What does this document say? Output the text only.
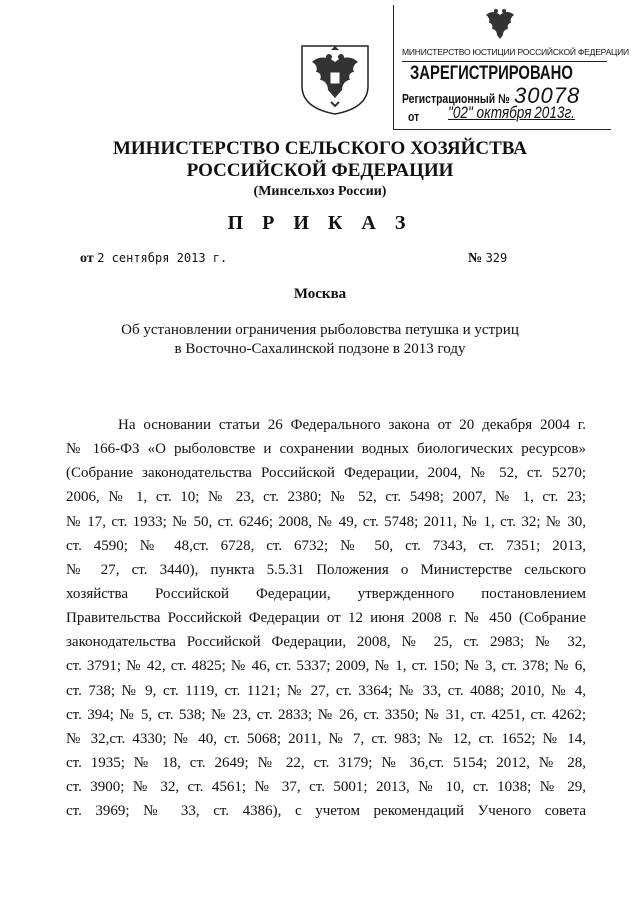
МИНИСТЕРСТВО ЮСТИЦИИ РОССИЙСКОЙ ФЕДЕРАЦИИ
ЗАРЕГИСТРИРОВАНО
Регистрационный № 30078
от "02" октября  2013г.
МИНИСТЕРСТВО СЕЛЬСКОГО ХОЗЯЙСТВА
РОССИЙСКОЙ ФЕДЕРАЦИИ
(Минсельхоз России)
П Р И К А З
от 2 сентября 2013 г.	№ 329
Москва
Об установлении ограничения рыболовства петушка и устриц
в Восточно-Сахалинской подзоне в 2013 году
На основании статьи 26 Федерального закона от 20 декабря 2004 г.
№ 166-ФЗ «О рыболовстве и сохранении водных биологических ресурсов»
(Собрание законодательства Российской Федерации, 2004, № 52, ст. 5270;
2006, № 1, ст. 10; № 23, ст. 2380; № 52, ст. 5498; 2007, № 1, ст. 23;
№ 17, ст. 1933; № 50, ст. 6246; 2008, № 49, ст. 5748; 2011, № 1, ст. 32; № 30,
ст. 4590; № 48,ст. 6728, ст. 6732; № 50, ст. 7343, ст. 7351; 2013,
№ 27, ст. 3440), пункта 5.5.31 Положения о Министерстве сельского
хозяйства Российской Федерации, утвержденного постановлением
Правительства Российской Федерации от 12 июня 2008 г. № 450 (Собрание
законодательства Российской Федерации, 2008, № 25, ст. 2983; № 32,
ст. 3791; № 42, ст. 4825; № 46, ст. 5337; 2009, № 1, ст. 150; № 3, ст. 378; № 6,
ст. 738; № 9, ст. 1119, ст. 1121; № 27, ст. 3364; № 33, ст. 4088; 2010, № 4,
ст. 394; № 5, ст. 538; № 23, ст. 2833; № 26, ст. 3350; № 31, ст. 4251, ст. 4262;
№ 32,ст. 4330; № 40, ст. 5068; 2011, № 7, ст. 983; № 12, ст. 1652; № 14,
ст. 1935; № 18, ст. 2649; № 22, ст. 3179; № 36,ст. 5154; 2012, № 28,
ст. 3900; № 32, ст. 4561; № 37, ст. 5001; 2013, № 10, ст. 1038; № 29,
ст. 3969; № 33, ст. 4386), с учетом рекомендаций Ученого совета
